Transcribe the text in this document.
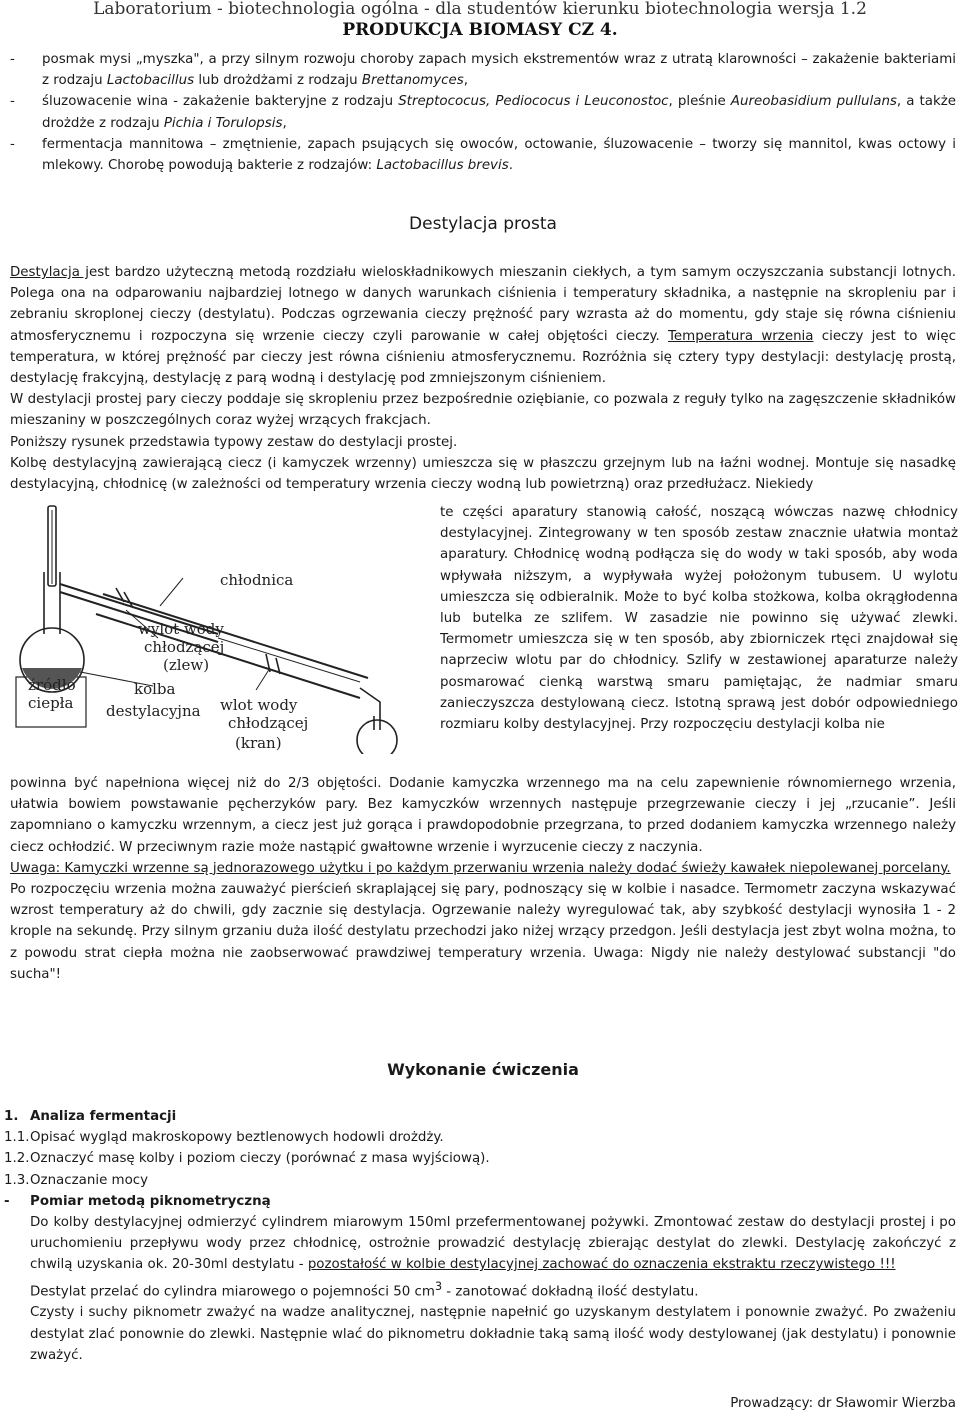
Laboratorium - biotechnologia ogólna - dla studentów kierunku biotechnologia wersja 1.2
PRODUKCJA BIOMASY CZ 4.
- posmak mysi „myszka", a przy silnym rozwoju choroby zapach mysich ekstrementów wraz z utratą klarowności – zakażenie bakteriami z rodzaju Lactobacillus lub drożdżami z rodzaju Brettanomyces,
- śluzowacenie wina - zakażenie bakteryjne z rodzaju Streptococus, Pediococus i Leuconostoc, pleśnie Aureobasidium pullulans, a także drożdże z rodzaju Pichia i Torulopsis,
- fermentacja mannitowa – zmętnienie, zapach psujących się owoców, octowanie, śluzowacenie – tworzy się mannitol, kwas octowy i mlekowy. Chorobę powodują bakterie z rodzajów: Lactobacillus brevis.
Destylacja prosta
Destylacja jest bardzo użyteczną metodą rozdziału wieloskładnikowych mieszanin ciekłych, a tym samym oczyszczania substancji lotnych. Polega ona na odparowaniu najbardziej lotnego w danych warunkach ciśnienia i temperatury składnika, a następnie na skropleniu par i zebraniu skroplonej cieczy (destylatu). Podczas ogrzewania cieczy prężność pary wzrasta aż do momentu, gdy staje się równa ciśnieniu atmosferycznemu i rozpoczyna się wrzenie cieczy czyli parowanie w całej objętości cieczy. Temperatura wrzenia cieczy jest to więc temperatura, w której prężność par cieczy jest równa ciśnieniu atmosferycznemu. Rozróżnia się cztery typy destylacji: destylację prostą, destylację frakcyjną, destylację z parą wodną i destylację pod zmniejszonym ciśnieniem.
W destylacji prostej pary cieczy poddaje się skropleniu przez bezpośrednie oziębianie, co pozwala z reguły tylko na zagęszczenie składników mieszaniny w poszczególnych coraz wyżej wrzących frakcjach.
Poniższy rysunek przedstawia typowy zestaw do destylacji prostej.
Kolbę destylacyjną zawierającą ciecz (i kamyczek wrzenny) umieszcza się w płaszczu grzejnym lub na łaźni wodnej. Montuje się nasadkę destylacyjną, chłodnicę (w zależności od temperatury wrzenia cieczy wodną lub powietrzną) oraz przedłużacz. Niekiedy
chłodnica
wylot wody
chłodzącej
(zlew)
źródło
ciepła
kolba
destylacyjna wlot wody
chłodzącej
(kran)
te części aparatury stanowią całość, noszącą wówczas nazwę chłodnicy destylacyjnej. Zintegrowany w ten sposób zestaw znacznie ułatwia montaż aparatury. Chłodnicę wodną podłącza się do wody w taki sposób, aby woda wpływała niższym, a wypływała wyżej położonym tubusem. U wylotu umieszcza się odbieralnik. Może to być kolba stożkowa, kolba okrągłodenna lub butelka ze szlifem. W zasadzie nie powinno się używać zlewki. Termometr umieszcza się w ten sposób, aby zbiorniczek rtęci znajdował się naprzeciw wlotu par do chłodnicy. Szlify w zestawionej aparaturze należy posmarować cienką warstwą smaru pamiętając, że nadmiar smaru zanieczyszcza destylowaną ciecz. Istotną sprawą jest dobór odpowiedniego rozmiaru kolby destylacyjnej. Przy rozpoczęciu destylacji kolba nie
powinna być napełniona więcej niż do 2/3 objętości. Dodanie kamyczka wrzennego ma na celu zapewnienie równomiernego wrzenia, ułatwia bowiem powstawanie pęcherzyków pary. Bez kamyczków wrzennych następuje przegrzewanie cieczy i jej „rzucanie”. Jeśli zapomniano o kamyczku wrzennym, a ciecz jest już gorąca i prawdopodobnie przegrzana, to przed dodaniem kamyczka wrzennego należy ciecz ochłodzić. W przeciwnym razie może nastąpić gwałtowne wrzenie i wyrzucenie cieczy z naczynia.
Uwaga: Kamyczki wrzenne są jednorazowego użytku i po każdym przerwaniu wrzenia należy dodać świeży kawałek niepolewanej porcelany.
Po rozpoczęciu wrzenia można zauważyć pierścień skraplającej się pary, podnoszący się w kolbie i nasadce. Termometr zaczyna wskazywać wzrost temperatury aż do chwili, gdy zacznie się destylacja. Ogrzewanie należy wyregulować tak, aby szybkość destylacji wynosiła 1 - 2 krople na sekundę. Przy silnym grzaniu duża ilość destylatu przechodzi jako niżej wrzący przedgon. Jeśli destylacja jest zbyt wolna można, to z powodu strat ciepła można nie zaobserwować prawdziwej temperatury wrzenia. Uwaga: Nigdy nie należy destylować substancji "do sucha"!
Wykonanie ćwiczenia
1. Analiza fermentacji
1.1.Opisać wygląd makroskopowy beztlenowych hodowli drożdży.
1.2.Oznaczyć masę kolby i poziom cieczy (porównać z masa wyjściową).
1.3.Oznaczanie mocy
- Pomiar metodą piknometryczną
Do kolby destylacyjnej odmierzyć cylindrem miarowym 150ml przefermentowanej pożywki. Zmontować zestaw do destylacji prostej i po uruchomieniu przepływu wody przez chłodnicę, ostrożnie prowadzić destylację zbierając destylat do zlewki. Destylację zakończyć z chwilą uzyskania ok. 20-30ml destylatu - pozostałość w kolbie destylacyjnej zachować do oznaczenia ekstraktu rzeczywistego !!!
Destylat przelać do cylindra miarowego o pojemności 50 $cm^3$ - zanotować dokładną ilość destylatu.
Czysty i suchy piknometr zważyć na wadze analitycznej, następnie napełnić go uzyskanym destylatem i ponownie zważyć. Po zważeniu destylat zlać ponownie do zlewki. Następnie wlać do piknometru dokładnie taką samą ilość wody destylowanej (jak destylatu) i ponownie zważyć.
Prowadzący: dr Sławomir Wierzba
